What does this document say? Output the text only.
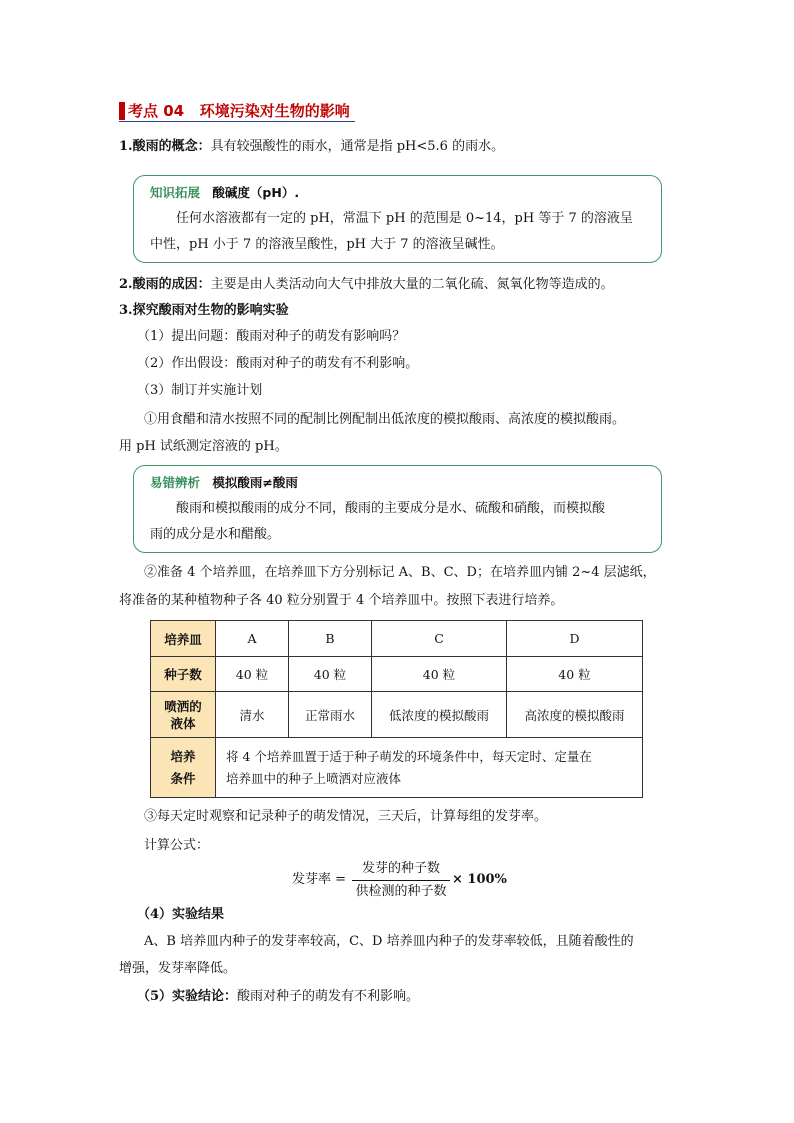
考点 04 环境污染对生物的影响
1.酸雨的概念：具有较强酸性的雨水，通常是指 pH<5.6 的雨水。
知识拓展 酸碱度（pH）.
任何水溶液都有一定的 pH，常温下 pH 的范围是 0~14，pH 等于 7 的溶液呈
中性，pH 小于 7 的溶液呈酸性，pH 大于 7 的溶液呈碱性。
2.酸雨的成因：主要是由人类活动向大气中排放大量的二氧化硫、氮氧化物等造成的。
3.探究酸雨对生物的影响实验
（1）提出问题：酸雨对种子的萌发有影响吗？
（2）作出假设：酸雨对种子的萌发有不利影响。
（3）制订并实施计划
①用食醋和清水按照不同的配制比例配制出低浓度的模拟酸雨、高浓度的模拟酸雨。
用 pH 试纸测定溶液的 pH。
易错辨析 模拟酸雨≠酸雨
酸雨和模拟酸雨的成分不同，酸雨的主要成分是水、硫酸和硝酸，而模拟酸
雨的成分是水和醋酸。
②准备 4 个培养皿，在培养皿下方分别标记 A、B、C、D；在培养皿内铺 2~4 层滤纸，
将准备的某种植物种子各 40 粒分别置于 4 个培养皿中。按照下表进行培养。
培养皿	A	B	C	D
种子数	40 粒	40 粒	40 粒	40 粒
喷洒的
液体	清水	正常雨水	低浓度的模拟酸雨	高浓度的模拟酸雨
培养
条件	将 4 个培养皿置于适于种子萌发的环境条件中，每天定时、定量在
培养皿中的种子上喷洒对应液体			
③每天定时观察和记录种子的萌发情况，三天后，计算每组的发芽率。
计算公式：
发芽率 =
发芽的种子数
供检测的种子数
× 100%
（4）实验结果
A、B 培养皿内种子的发芽率较高，C、D 培养皿内种子的发芽率较低，且随着酸性的
增强，发芽率降低。
（5）实验结论：酸雨对种子的萌发有不利影响。
